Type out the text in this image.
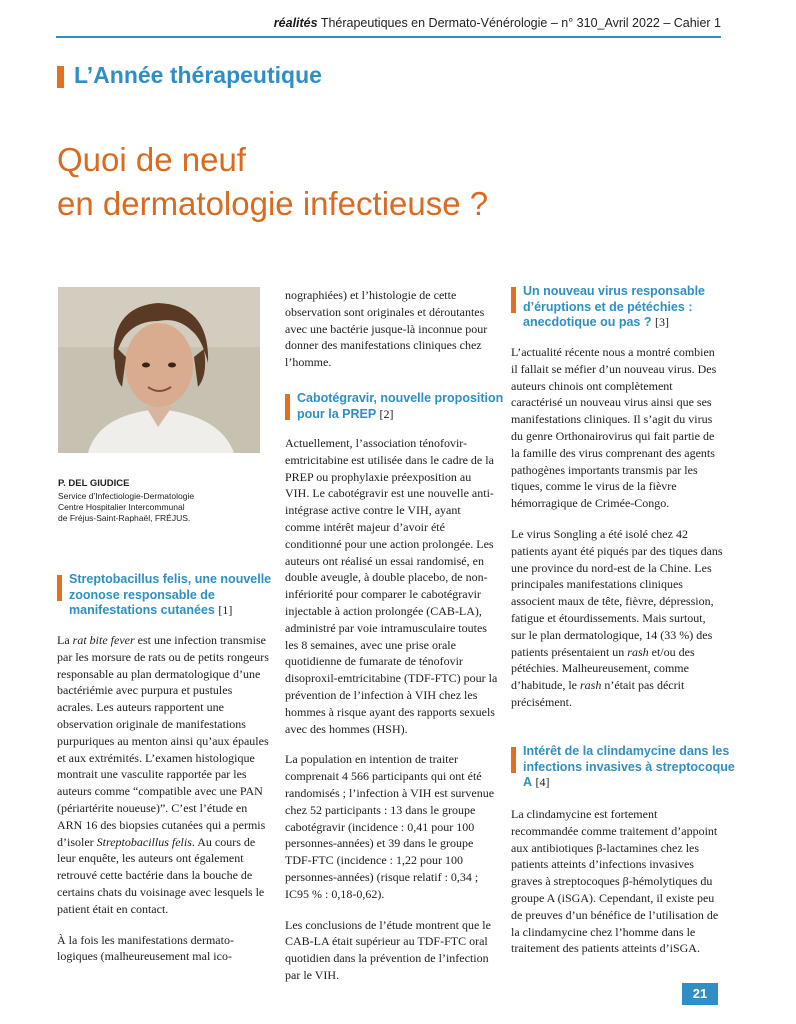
réalités Thérapeutiques en Dermato-Vénérologie – n° 310_Avril 2022 – Cahier 1
L’Année thérapeutique
Quoi de neuf
en dermatologie infectieuse ?
P. DEL GIUDICE
Service d’Infectiologie-Dermatologie
Centre Hospitalier Intercommunal
de Fréjus-Saint-Raphaël, FRÉJUS.
Streptobacillus felis, une nouvelle zoonose responsable de manifestations cutanées [1]

La rat bite fever est une infection transmise par les morsure de rats ou de petits rongeurs responsable au plan dermatologique d’une bactériémie avec purpura et pustules acrales. Les auteurs rapportent une observation originale de manifestations purpuriques au menton ainsi qu’aux épaules et aux extrémités. L’examen histologique montrait une vasculite rapportée par les auteurs comme “compatible avec une PAN (périartérite noueuse)”. C’est l’étude en ARN 16 des biopsies cutanées qui a permis d’isoler Streptobacillus felis. Au cours de leur enquête, les auteurs ont également retrouvé cette bactérie dans la bouche de certains chats du voisinage avec lesquels le patient était en contact.

À la fois les manifestations dermato-
logiques (malheureusement mal ico-

nographiées) et l’histologie de cette observation sont originales et déroutantes avec une bactérie jusque-là inconnue pour donner des manifestations cliniques chez l’homme.

Cabotégravir, nouvelle proposition pour la PREP [2]

Actuellement, l’association ténofovir-emtricitabine est utilisée dans le cadre de la PREP ou prophylaxie préexposition au VIH. Le cabotégravir est une nouvelle anti-intégrase active contre le VIH, ayant comme intérêt majeur d’avoir été conditionné pour une action prolongée. Les auteurs ont réalisé un essai randomisé, en double aveugle, à double placebo, de non-infériorité pour comparer le cabotégravir injectable à action prolongée (CAB-LA), administré par voie intramusculaire toutes les 8 semaines, avec une prise orale quotidienne de fumarate de ténofovir disoproxil-emtricitabine (TDF-FTC) pour la prévention de l’infection à VIH chez les hommes à risque ayant des rapports sexuels avec des hommes (HSH).

La population en intention de traiter comprenait 4 566 participants qui ont été randomisés ; l’infection à VIH est survenue chez 52 participants : 13 dans le groupe cabotégravir (incidence : 0,41 pour 100 personnes-années) et 39 dans le groupe TDF-FTC (incidence : 1,22 pour 100 personnes-années) (risque relatif : 0,34 ; IC95 % : 0,18-0,62).

Les conclusions de l’étude montrent que le CAB-LA était supérieur au TDF-FTC oral quotidien dans la prévention de l’infection par le VIH.

Un nouveau virus responsable d’éruptions et de pétéchies : anecdotique ou pas ? [3]

L’actualité récente nous a montré combien il fallait se méfier d’un nouveau virus. Des auteurs chinois ont complètement caractérisé un nouveau virus ainsi que ses manifestations cliniques. Il s’agit du virus du genre Orthonairovirus qui fait partie de la famille des virus comprenant des agents pathogènes importants transmis par les tiques, comme le virus de la fièvre hémorragique de Crimée-Congo.

Le virus Songling a été isolé chez 42 patients ayant été piqués par des tiques dans une province du nord-est de la Chine. Les principales manifestations cliniques associent maux de tête, fièvre, dépression, fatigue et étourdissements. Mais surtout, sur le plan dermatologique, 14 (33 %) des patients présentaient un rash et/ou des pétéchies. Malheureusement, comme d’habitude, le rash n’était pas décrit précisément.

Intérêt de la clindamycine dans les infections invasives à streptocoque A [4]

La clindamycine est fortement recommandée comme traitement d’appoint aux antibiotiques β-lactamines chez les patients atteints d’infections invasives graves à streptocoques β-hémolytiques du groupe A (iSGA). Cependant, il existe peu de preuves d’un bénéfice de l’utilisation de la clindamycine chez l’homme dans le traitement des patients atteints d’iSGA.

21
